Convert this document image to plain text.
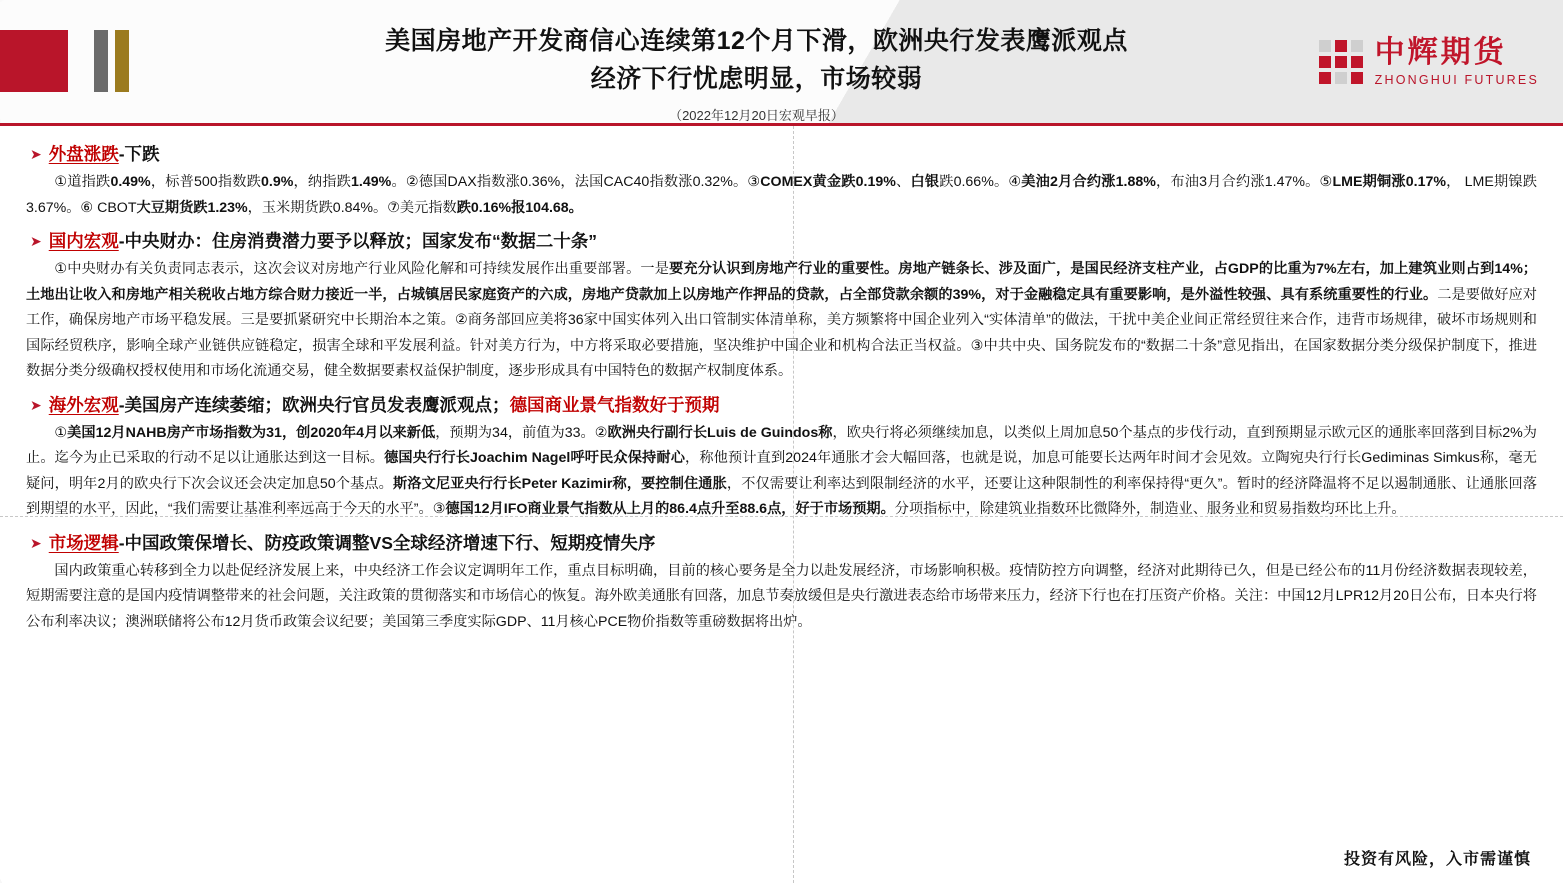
美国房地产开发商信心连续第12个月下滑，欧洲央行发表鹰派观点
经济下行忧虑明显，市场较弱
（2022年12月20日宏观早报）
中辉期货
ZHONGHUI FUTURES
➤ 外盘涨跌 -下跌

①道指跌0.49%，标普500指数跌0.9%，纳指跌1.49%。②德国DAX指数涨0.36%，法国CAC40指数涨0.32%。③COMEX黄金跌0.19%、白银跌0.66%。④美油2月合约涨1.88%，布油3月合约涨1.47%。⑤LME期铜涨0.17%， LME期镍跌3.67%。⑥ CBOT大豆期货跌1.23%，玉米期货跌0.84%。⑦美元指数跌0.16%报104.68。

➤ 国内宏观 -中央财办：住房消费潜力要予以释放；国家发布“数据二十条”

①中央财办有关负责同志表示，这次会议对房地产行业风险化解和可持续发展作出重要部署。一是要充分认识到房地产行业的重要性。房地产链条长、涉及面广，是国民经济支柱产业，占GDP的比重为7%左右，加上建筑业则占到14%；土地出让收入和房地产相关税收占地方综合财力接近一半，占城镇居民家庭资产的六成，房地产贷款加上以房地产作押品的贷款，占全部贷款余额的39%，对于金融稳定具有重要影响，是外溢性较强、具有系统重要性的行业。二是要做好应对工作，确保房地产市场平稳发展。三是要抓紧研究中长期治本之策。②商务部回应美将36家中国实体列入出口管制实体清单称，美方频繁将中国企业列入“实体清单”的做法，干扰中美企业间正常经贸往来合作，违背市场规律，破坏市场规则和国际经贸秩序，影响全球产业链供应链稳定，损害全球和平发展利益。针对美方行为，中方将采取必要措施，坚决维护中国企业和机构合法正当权益。③中共中央、国务院发布的“数据二十条”意见指出，在国家数据分类分级保护制度下，推进数据分类分级确权授权使用和市场化流通交易，健全数据要素权益保护制度，逐步形成具有中国特色的数据产权制度体系。

➤ 海外宏观 -美国房产连续萎缩；欧洲央行官员发表鹰派观点； 德国商业景气指数好于预期

①美国12月NAHB房产市场指数为31，创2020年4月以来新低，预期为34，前值为33。②欧洲央行副行长Luis de Guindos称，欧央行将必须继续加息，以类似上周加息50个基点的步伐行动，直到预期显示欧元区的通胀率回落到目标2%为止。迄今为止已采取的行动不足以让通胀达到这一目标。德国央行行长Joachim Nagel呼吁民众保持耐心，称他预计直到2024年通胀才会大幅回落，也就是说，加息可能要长达两年时间才会见效。立陶宛央行行长Gediminas Simkus称，毫无疑问，明年2月的欧央行下次会议还会决定加息50个基点。斯洛文尼亚央行行长Peter Kazimir称，要控制住通胀，不仅需要让利率达到限制经济的水平，还要让这种限制性的利率保持得“更久”。暂时的经济降温将不足以遏制通胀、让通胀回落到期望的水平，因此，“我们需要让基准利率远高于今天的水平”。③德国12月IFO商业景气指数从上月的86.4点升至88.6点，好于市场预期。分项指标中，除建筑业指数环比微降外，制造业、服务业和贸易指数均环比上升。

➤ 市场逻辑 -中国政策保增长、防疫政策调整VS全球经济增速下行、短期疫情失序

国内政策重心转移到全力以赴促经济发展上来，中央经济工作会议定调明年工作，重点目标明确，目前的核心要务是全力以赴发展经济，市场影响积极。疫情防控方向调整，经济对此期待已久，但是已经公布的11月份经济数据表现较差，短期需要注意的是国内疫情调整带来的社会问题，关注政策的贯彻落实和市场信心的恢复。海外欧美通胀有回落，加息节奏放缓但是央行激进表态给市场带来压力，经济下行也在打压资产价格。关注：中国12月LPR12月20日公布，日本央行将公布利率决议；澳洲联储将公布12月货币政策会议纪要；美国第三季度实际GDP、11月核心PCE物价指数等重磅数据将出炉。

投资有风险，入市需谨慎
